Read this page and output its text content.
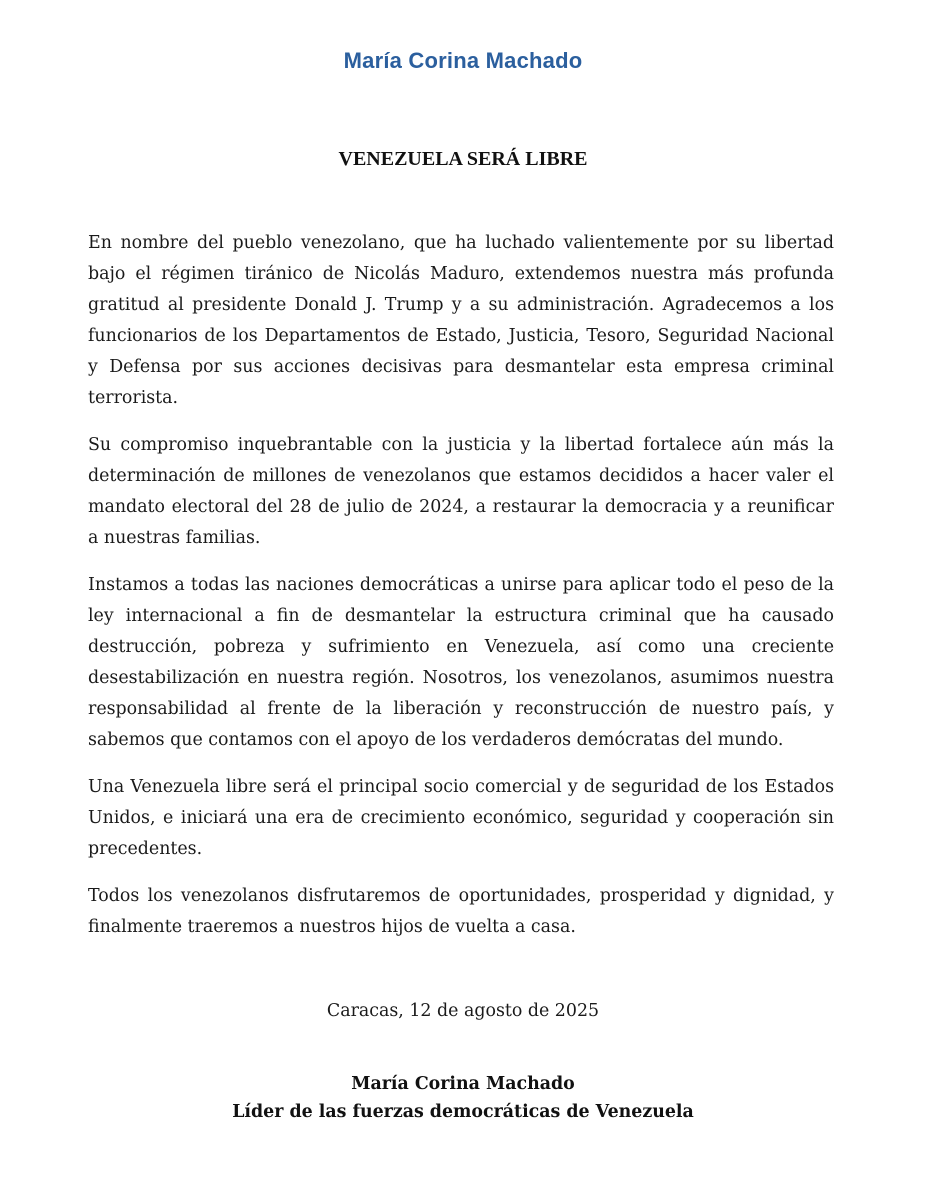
María Corina Machado
VENEZUELA SERÁ LIBRE

En nombre del pueblo venezolano, que ha luchado valientemente por su libertad bajo el régimen tiránico de Nicolás Maduro, extendemos nuestra más profunda gratitud al presidente Donald J. Trump y a su administración. Agradecemos a los funcionarios de los Departamentos de Estado, Justicia, Tesoro, Seguridad Nacional y Defensa por sus acciones decisivas para desmantelar esta empresa criminal terrorista.

Su compromiso inquebrantable con la justicia y la libertad fortalece aún más la determinación de millones de venezolanos que estamos decididos a hacer valer el mandato electoral del 28 de julio de 2024, a restaurar la democracia y a reunificar a nuestras familias.

Instamos a todas las naciones democráticas a unirse para aplicar todo el peso de la ley internacional a fin de desmantelar la estructura criminal que ha causado destrucción, pobreza y sufrimiento en Venezuela, así como una creciente desestabilización en nuestra región. Nosotros, los venezolanos, asumimos nuestra responsabilidad al frente de la liberación y reconstrucción de nuestro país, y sabemos que contamos con el apoyo de los verdaderos demócratas del mundo.

Una Venezuela libre será el principal socio comercial y de seguridad de los Estados Unidos, e iniciará una era de crecimiento económico, seguridad y cooperación sin precedentes.

Todos los venezolanos disfrutaremos de oportunidades, prosperidad y dignidad, y finalmente traeremos a nuestros hijos de vuelta a casa.

Caracas, 12 de agosto de 2025
María Corina Machado
Líder de las fuerzas democráticas de Venezuela
